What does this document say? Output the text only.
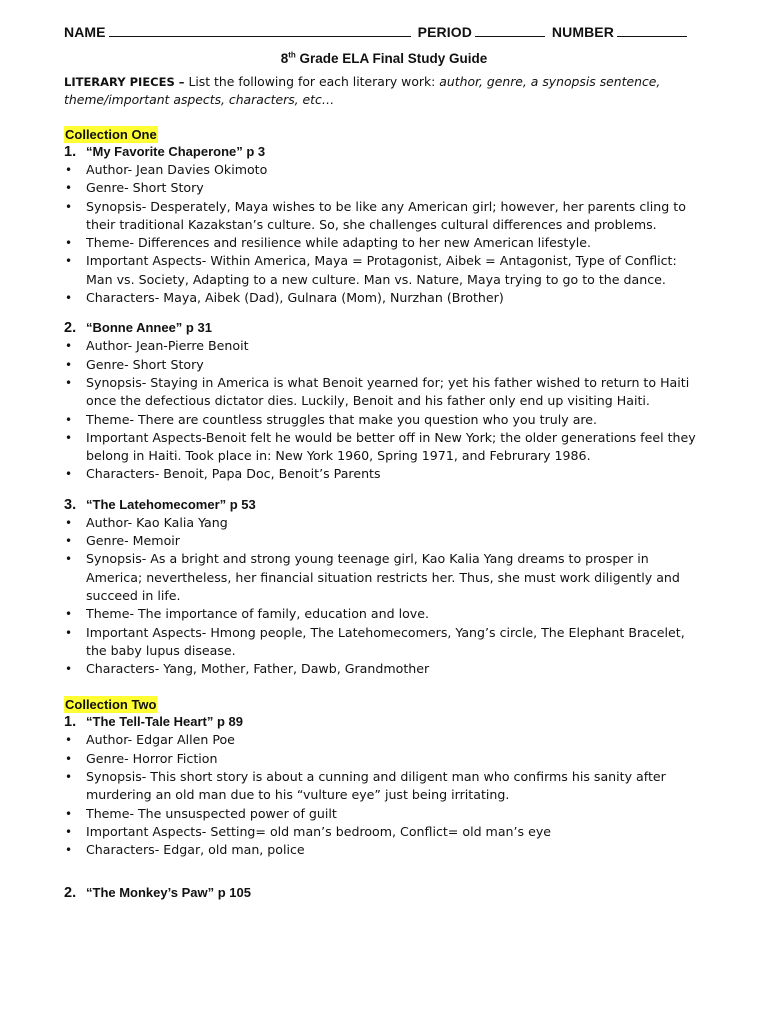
NAME	PERIOD	NUMBER
8th Grade ELA Final Study Guide
LITERARY PIECES – List the following for each literary work: author, genre, a synopsis sentence, theme/important aspects, characters, etc…
Collection One
1. “My Favorite Chaperone” p 3
• Author- Jean Davies Okimoto
• Genre- Short Story
• Synopsis- Desperately, Maya wishes to be like any American girl; however, her parents cling to their traditional Kazakstan’s culture. So, she challenges cultural differences and problems.
• Theme- Differences and resilience while adapting to her new American lifestyle.
• Important Aspects- Within America, Maya = Protagonist, Aibek = Antagonist, Type of Conflict: Man vs. Society, Adapting to a new culture. Man vs. Nature, Maya trying to go to the dance.
• Characters- Maya, Aibek (Dad), Gulnara (Mom), Nurzhan (Brother)
2. “Bonne Annee” p 31
• Author- Jean-Pierre Benoit
• Genre- Short Story
• Synopsis- Staying in America is what Benoit yearned for; yet his father wished to return to Haiti once the defectious dictator dies. Luckily, Benoit and his father only end up visiting Haiti.
• Theme- There are countless struggles that make you question who you truly are.
• Important Aspects-Benoit felt he would be better off in New York; the older generations feel they belong in Haiti. Took place in: New York 1960, Spring 1971, and Februrary 1986.
• Characters- Benoit, Papa Doc, Benoit’s Parents
3. “The Latehomecomer” p 53
• Author- Kao Kalia Yang
• Genre- Memoir
• Synopsis- As a bright and strong young teenage girl, Kao Kalia Yang dreams to prosper in America; nevertheless, her financial situation restricts her. Thus, she must work diligently and succeed in life.
• Theme- The importance of family, education and love.
• Important Aspects- Hmong people, The Latehomecomers, Yang’s circle, The Elephant Bracelet, the baby lupus disease.
• Characters- Yang, Mother, Father, Dawb, Grandmother
Collection Two
1. “The Tell-Tale Heart” p 89
• Author- Edgar Allen Poe
• Genre- Horror Fiction
• Synopsis- This short story is about a cunning and diligent man who confirms his sanity after murdering an old man due to his “vulture eye” just being irritating.
• Theme- The unsuspected power of guilt
• Important Aspects- Setting= old man’s bedroom, Conflict= old man’s eye
• Characters- Edgar, old man, police
2. “The Monkey’s Paw” p 105
